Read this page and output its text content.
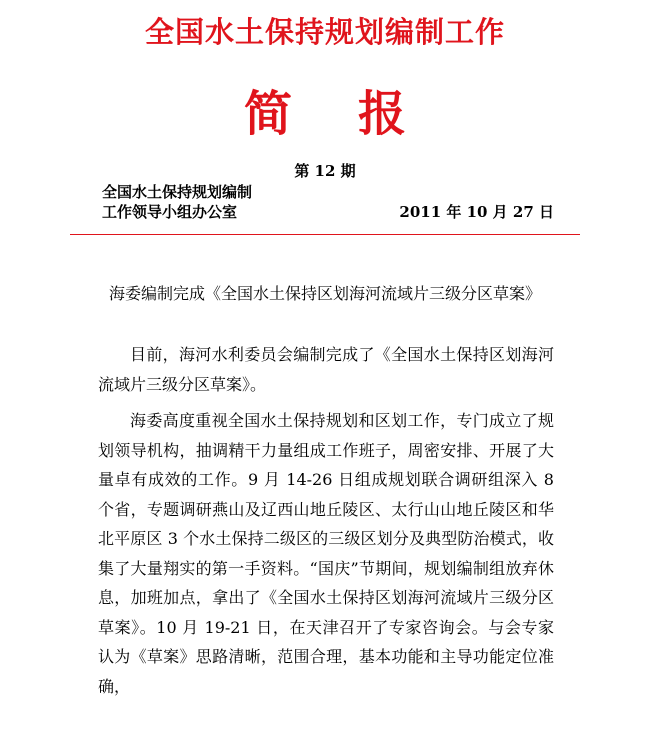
全国水土保持规划编制工作
简报
第 12 期
全国水土保持规划编制
工作领导小组办公室	2011 年 10 月 27 日
海委编制完成《全国水土保持区划海河流域片三级分区草案》

目前，海河水利委员会编制完成了《全国水土保持区划海河流域片三级分区草案》。

海委高度重视全国水土保持规划和区划工作，专门成立了规划领导机构，抽调精干力量组成工作班子，周密安排、开展了大量卓有成效的工作。9 月 14-26 日组成规划联合调研组深入 8 个省，专题调研燕山及辽西山地丘陵区、太行山山地丘陵区和华北平原区 3 个水土保持二级区的三级区划分及典型防治模式，收集了大量翔实的第一手资料。“国庆”节期间，规划编制组放弃休息，加班加点，拿出了《全国水土保持区划海河流域片三级分区草案》。10 月 19-21 日，在天津召开了专家咨询会。与会专家认为《草案》思路清晰，范围合理，基本功能和主导功能定位准确，
